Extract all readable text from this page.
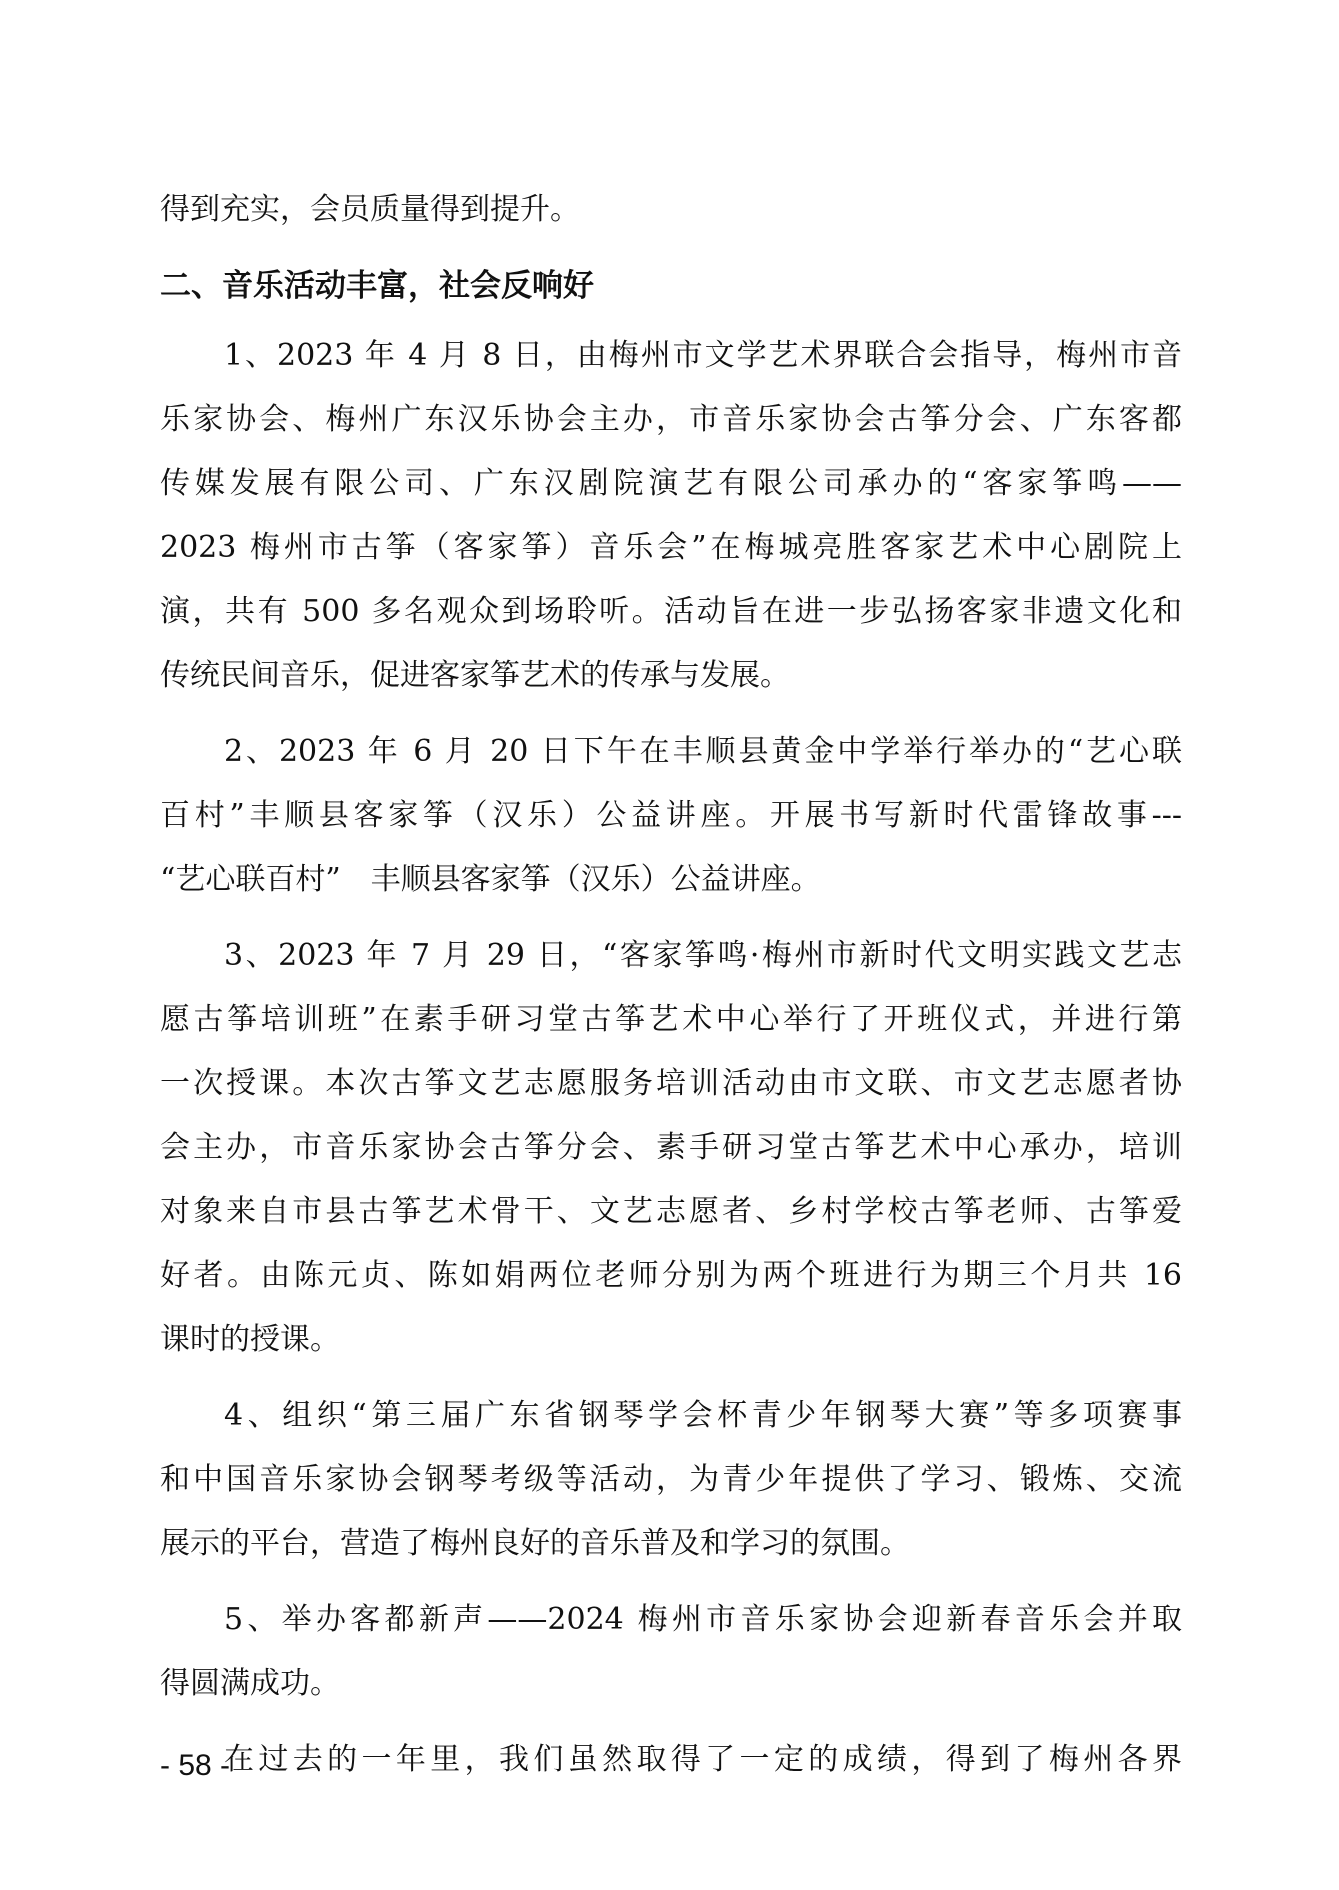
得到充实，会员质量得到提升。
二、音乐活动丰富，社会反响好
1、2023 年 4 月 8 日，由梅州市文学艺术界联合会指导，梅州市音
乐家协会、梅州广东汉乐协会主办，市音乐家协会古筝分会、广东客都
传媒发展有限公司、广东汉剧院演艺有限公司承办的“客家筝鸣——
2023 梅州市古筝（客家筝）音乐会”在梅城亮胜客家艺术中心剧院上
演，共有 500 多名观众到场聆听。活动旨在进一步弘扬客家非遗文化和
传统民间音乐，促进客家筝艺术的传承与发展。
2、2023 年 6 月 20 日下午在丰顺县黄金中学举行举办的“艺心联
百村”丰顺县客家筝（汉乐）公益讲座。开展书写新时代雷锋故事---
“艺心联百村”　丰顺县客家筝（汉乐）公益讲座。
3、2023 年 7 月 29 日，“客家筝鸣·梅州市新时代文明实践文艺志
愿古筝培训班”在素手研习堂古筝艺术中心举行了开班仪式，并进行第
一次授课。本次古筝文艺志愿服务培训活动由市文联、市文艺志愿者协
会主办，市音乐家协会古筝分会、素手研习堂古筝艺术中心承办，培训
对象来自市县古筝艺术骨干、文艺志愿者、乡村学校古筝老师、古筝爱
好者。由陈元贞、陈如娟两位老师分别为两个班进行为期三个月共 16
课时的授课。
4、组织“第三届广东省钢琴学会杯青少年钢琴大赛”等多项赛事
和中国音乐家协会钢琴考级等活动，为青少年提供了学习、锻炼、交流
展示的平台，营造了梅州良好的音乐普及和学习的氛围。
5、举办客都新声——2024 梅州市音乐家协会迎新春音乐会并取
得圆满成功。
在过去的一年里，我们虽然取得了一定的成绩，得到了梅州各界
- 58 -
